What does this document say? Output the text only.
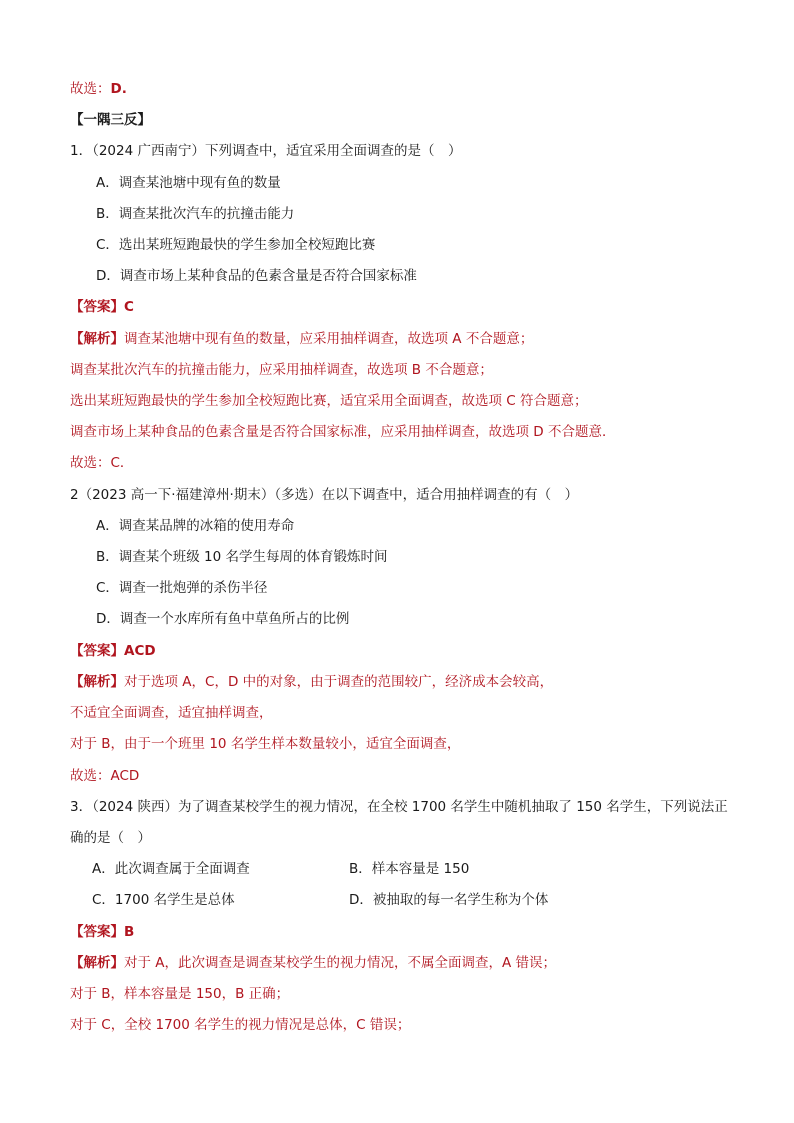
故选：D.
【一隅三反】
1．（2024 广西南宁）下列调查中，适宜采用全面调查的是（　）
A．调查某池塘中现有鱼的数量
B．调查某批次汽车的抗撞击能力
C．选出某班短跑最快的学生参加全校短跑比赛
D．调查市场上某种食品的色素含量是否符合国家标准
【答案】C
【解析】调查某池塘中现有鱼的数量，应采用抽样调查，故选项 A 不合题意；
调查某批次汽车的抗撞击能力，应采用抽样调查，故选项 B 不合题意；
选出某班短跑最快的学生参加全校短跑比赛，适宜采用全面调查，故选项 C 符合题意；
调查市场上某种食品的色素含量是否符合国家标准，应采用抽样调查，故选项 D 不合题意．
故选：C．
2（2023 高一下·福建漳州·期末）（多选）在以下调查中，适合用抽样调查的有（　）
A．调查某品牌的冰箱的使用寿命
B．调查某个班级 10 名学生每周的体育锻炼时间
C．调查一批炮弹的杀伤半径
D．调查一个水库所有鱼中草鱼所占的比例
【答案】ACD
【解析】对于选项 A，C，D 中的对象，由于调查的范围较广，经济成本会较高，
不适宜全面调查，适宜抽样调查，
对于 B，由于一个班里 10 名学生样本数量较小，适宜全面调查，
故选：ACD
3．（2024 陕西）为了调查某校学生的视力情况，在全校 1700 名学生中随机抽取了 150 名学生，下列说法正
确的是（　）
A．此次调查属于全面调查	B．样本容量是 150
C．1700 名学生是总体	D．被抽取的每一名学生称为个体
【答案】B
【解析】对于 A，此次调查是调查某校学生的视力情况，不属全面调查，A 错误；
对于 B，样本容量是 150，B 正确；
对于 C，全校 1700 名学生的视力情况是总体，C 错误；
